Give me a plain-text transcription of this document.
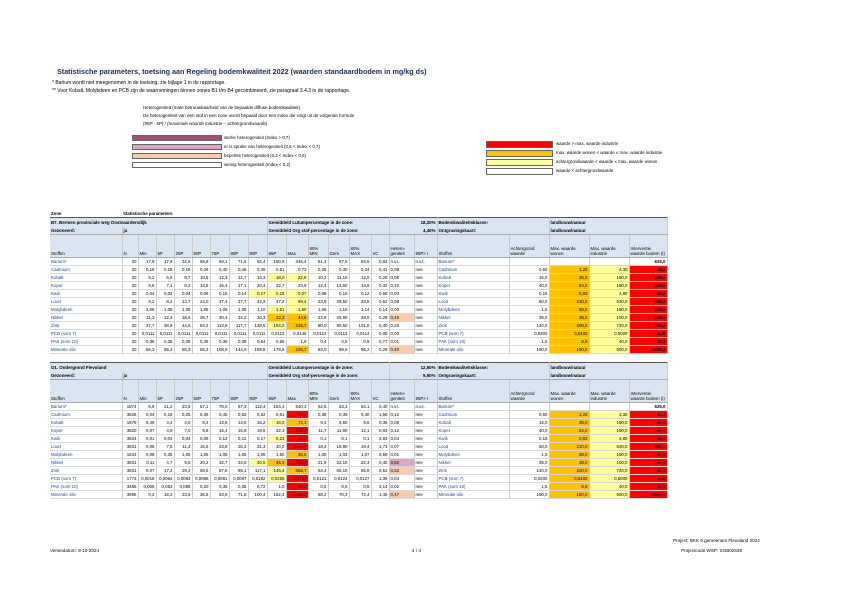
Statistische parameters, toetsing aan Regeling bodemkwaliteit 2022 (waarden standaardbodem in mg/kg ds)
* Barium wordt niet meegenomen in de toetsing, zie bijlage 1 in de rapportage.
** Voor Kobalt, Molybdeen en PCB zijn de waarnemingen binnen zones B1 t/m B4 gecombineerd, zie paragraaf 3.4.3 in de rapportage.
Heterogeniteit (mate betrouwbaarheid van de bepaalde diffuse bodemkwaliteit)
De heterogeniteit van een stof in een zone wordt bepaald door een index die volgt uit de volgende formule
(95P - 5P) / (maximale waarde industrie – achtergrondwaarde)
sterke heterogeniteit (Index > 0,7)
er is sprake van heterogeniteit (0,5 < Index < 0,7)
beperkte heterogeniteit (0,2 < Index < 0,5)
weinig heterogeniteit (Index < 0,2)
waarde > max. waarde industrie
max. waarde wonen < waarde ≤ max. waarde industrie
achtergrondwaarde < waarde ≤ max. waarde wonen
waarde < achtergrondwaarde
Zone	Statistische parameters																				
B7. Bermen provinciale weg Oostvaardersdijk									Gemiddeld Lutumpercentage in de zone:						18,20%		Bodemkwaliteitsklasse:		landbouw/natuur		
Gezoneerd:	ja								Gemiddeld Org stof-percentage in de zone:						4,40%		Ontgravingskaart:		landbouw/natuur		
Stoffen	N	Min	5P	25P	50P	75P	80P	90P	95P	Max	80% MIN	Gem	80% MAX	VC	Hetero-geniteit	95P> I	Stoffen	Achtergrond waarde	Max. waarde wonen	Max. waarde industrie	Interventie waarde bodem (I)
Barium*	20	17,9	17,9	32,6	55,8	68,1	71,6	92,4	150,9	345,4	51,3	67,5	83,5	0,83	n.v.t.	n.v.t.	Barium*				625,0
Cadmium	20	0,18	0,18	0,18	0,28	0,40	0,46	0,49	0,51	0,73	0,26	0,30	0,34	0,41	0,09	nee	Cadmium	0,60	1,20	4,30	13,0
Kobalt	20	5,2	6,6	8,7	10,5	12,3	12,7	14,3	18,0	22,8	10,2	11,10	12,0	0,28	0,06	nee	Kobalt	15,0	35,0	190,0	190,0
Koper	20	6,5	7,1	8,2	14,5	16,4	17,1	20,4	22,7	23,9	12,4	13,60	14,8	0,32	0,10	nee	Koper	40,0	54,0	190,0	190,0
Kwik	20	0,04	0,04	0,04	0,08	0,15	0,14	0,17	0,16	0,27	0,08	0,10	0,12	0,55	0,03	nee	Kwik	0,15	0,83	4,80	36,0
Lood	20	8,2	8,2	13,7	24,0	37,4	37,7	42,3	47,2	99,4	23,9	28,50	33,5	0,62	0,08	nee	Lood	50,0	210,0	530,0	530,0
Molybdeen	20	1,05	1,05	1,05	1,05	1,05	1,05	1,10	1,51	1,60	1,06	1,10	1,14	0,14	0,00	nee	Molybdeen	1,5	88,0	190,0	190,0
Nikkel	20	11,3	12,3	18,6	26,7	30,4	32,2	34,3	42,3	44,6	23,8	25,90	28,0	0,28	0,46	nee	Nikkel	35,0	39,0	100,0	100,0
Zink	20	37,7	38,9	44,6	84,2	113,8	117,7	139,6	154,0	215,7	80,0	90,50	101,0	0,40	0,20	nee	Zink	140,0	200,0	720,0	720,0
PCB (som 7)	20	0,0111	0,0111	0,0111	0,0111	0,0111	0,0111	0,0111	0,0113	0,0146	0,0112	0,0113	0,0114	0,05	0,00	nee	PCB (som 7)	0,0200	0,0400	0,5000	1,00
PAK (som 10)	20	0,35	0,35	0,35	0,35	0,36	0,39	0,54	0,65	1,9	0,4	0,5	0,6	0,77	0,01	nee	PAK (som 10)	1,5	6,8	40,0	40,0
Minerale olie	20	55,3	55,3	55,3	55,3	108,9	144,9	159,8	178,6	225,7	83,0	89,6	96,2	0,26	0,40	nee	Minerale olie	190,0	190,0	500,0	5000,0
O1. Ondergrond Flevoland									Gemiddeld Lutumpercentage in de zone:						12,50%		Bodemkwaliteitsklasse:		landbouw/natuur		
Gezoneerd:	ja								Gemiddeld Org stof-percentage in de zone:						5,50%		Ontgravingskaart:		landbouw/natuur		
Stoffen	N	Min	5P	25P	50P	75P	80P	90P	95P	Max	80% MIN	Gem	80% MAX	VC	Hetero-geniteit	95P> I	Stoffen	Achtergrond waarde	Max. waarde wonen	Max. waarde industrie	Interventie waarde bodem (I)
Barium*	1874	5,9	21,2	23,5	57,1	78,0	87,3	112,4	154,4	540,3	62,5	63,3	64,1	0,40	n.v.t.	n.v.t.	Barium*				625,0
Cadmium	3825	0,04	0,16	0,25	0,36	0,46	0,52	0,52	0,61	44,4	0,38	0,39	0,40	1,66	0,12	nee	Cadmium	0,60	1,20	4,30	13,0
Kobalt	1879	0,49	3,4	4,6	9,2	13,6	14,6	16,2	18,0	72,1	9,4	9,50	9,6	0,36	0,08	nee	Kobalt	15,0	35,0	190,0	190,0
Koper	3820	0,07	4,9	7,0	9,8	15,4	16,8	19,6	22,3	330,0	11,7	11,90	12,1	0,83	0,12	nee	Koper	40,0	54,0	190,0	190,0
Kwik	3824	0,01	0,04	0,04	0,08	0,12	0,12	0,17	0,23	22,4	0,1	0,1	0,1	2,83	0,04	nee	Kwik	0,15	0,83	4,80	36,0
Lood	3831	0,06	7,5	11,4	16,5	23,8	26,3	31,3	40,0	1044,4	18,4	18,90	19,4	1,73	0,07	nee	Lood	50,0	210,0	530,0	530,0
Molybdeen	1843	0,08	0,35	1,05	1,05	1,05	1,05	1,05	1,50	36,0	1,00	1,03	1,07	0,59	0,01	nee	Molybdeen	1,5	88,0	190,0	190,0
Nikkel	3831	0,11	4,7	9,6	20,2	32,7	34,5	40,5	45,2	229,0	21,9	22,10	22,3	0,40	0,62	nee	Nikkel	35,0	39,0	100,0	100,0
Zink	3831	0,07	17,4	29,3	58,6	87,8	95,1	117,1	146,4	658,7	64,4	65,10	65,8	0,52	0,22	nee	Zink	140,0	200,0	720,0	720,0
PCB (som 7)	1774	0,0018	0,0064	0,0083	0,0088	0,0091	0,0097	0,0182	0,0255	1,8710	0,0121	0,0124	0,0127	1,39	0,04	nee	PCB (som 7)	0,0200	0,0400	0,5000	1,00
PAK (som 10)	3485	0,005	0,053	0,088	0,20	0,35	0,35	0,72	1,0	95,0	0,5	0,5	0,5	3,14	0,02	nee	PAK (som 10)	1,5	6,8	40,0	40,0
Minerale olie	3995	0,2	18,2	23,5	36,5	63,9	71,8	100,4	162,4	4400,0	68,2	70,3	72,4	1,45	0,47	nee	Minerale olie	190,0	190,0	500,0	5000,0
Versiedatum: 8-10-2024	4 / 4
Project: BKK 6 gemeenten Flevoland 2024
Projectcode WSP: SOB02536
